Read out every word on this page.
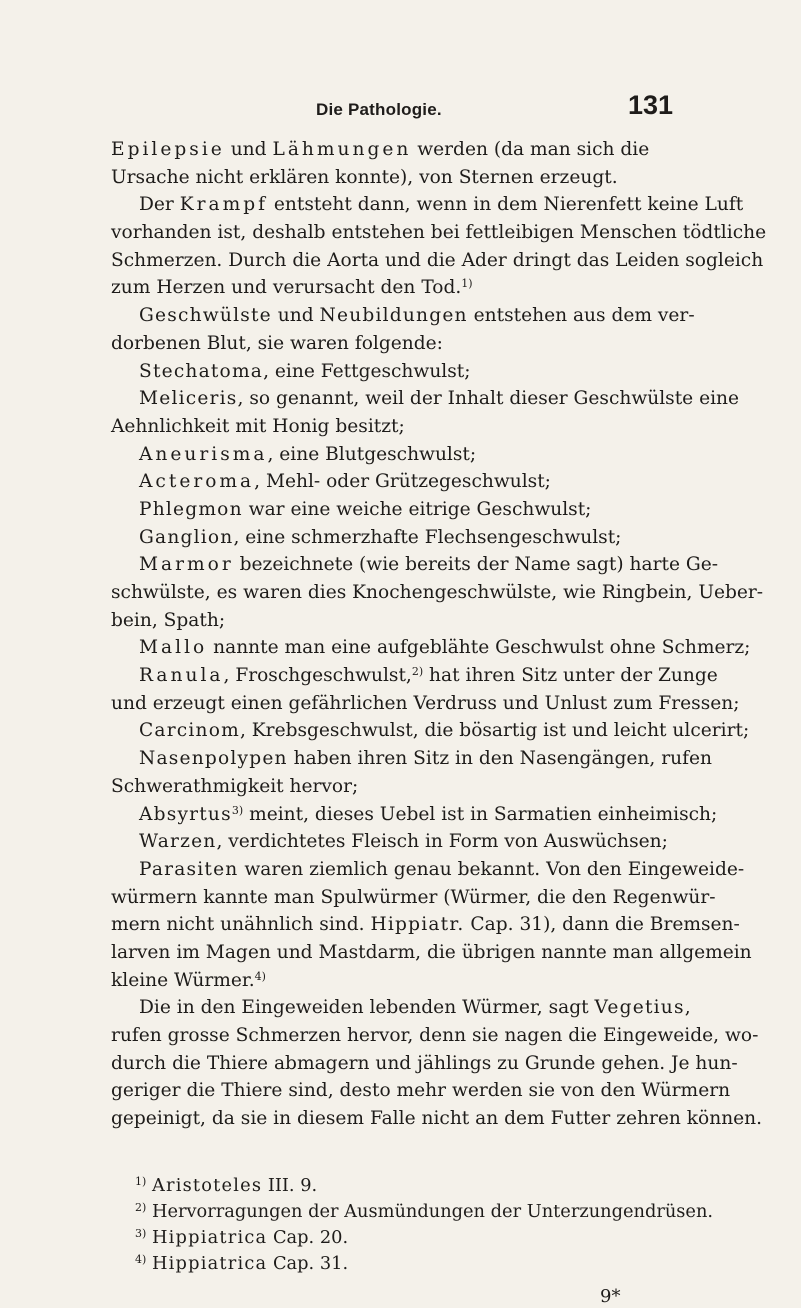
Die Pathologie.	131
Epilepsie und Lähmungen werden (da man sich die
Ursache nicht erklären konnte), von Sternen erzeugt.
Der Krampf entsteht dann, wenn in dem Nierenfett keine Luft
vorhanden ist, deshalb entstehen bei fettleibigen Menschen tödtliche
Schmerzen. Durch die Aorta und die Ader dringt das Leiden sogleich
zum Herzen und verursacht den Tod.$^{1)}$
Geschwülste und Neubildungen entstehen aus dem ver-
dorbenen Blut, sie waren folgende:
Stechatoma, eine Fettgeschwulst;
Meliceris, so genannt, weil der Inhalt dieser Geschwülste eine
Aehnlichkeit mit Honig besitzt;
Aneurisma, eine Blutgeschwulst;
Acteroma, Mehl- oder Grützegeschwulst;
Phlegmon war eine weiche eitrige Geschwulst;
Ganglion, eine schmerzhafte Flechsengeschwulst;
Marmor bezeichnete (wie bereits der Name sagt) harte Ge-
schwülste, es waren dies Knochengeschwülste, wie Ringbein, Ueber-
bein, Spath;
Mallo nannte man eine aufgeblähte Geschwulst ohne Schmerz;
Ranula, Froschgeschwulst,$^{2)}$ hat ihren Sitz unter der Zunge
und erzeugt einen gefährlichen Verdruss und Unlust zum Fressen;
Carcinom, Krebsgeschwulst, die bösartig ist und leicht ulcerirt;
Nasenpolypen haben ihren Sitz in den Nasengängen, rufen
Schwerathmigkeit hervor;
Absyrtus$^{3)}$ meint, dieses Uebel ist in Sarmatien einheimisch;
Warzen, verdichtetes Fleisch in Form von Auswüchsen;
Parasiten waren ziemlich genau bekannt. Von den Eingeweide-
würmern kannte man Spulwürmer (Würmer, die den Regenwür-
mern nicht unähnlich sind. Hippiatr. Cap. 31), dann die Bremsen-
larven im Magen und Mastdarm, die übrigen nannte man allgemein
kleine Würmer.$^{4)}$
Die in den Eingeweiden lebenden Würmer, sagt Vegetius,
rufen grosse Schmerzen hervor, denn sie nagen die Eingeweide, wo-
durch die Thiere abmagern und jählings zu Grunde gehen. Je hun-
geriger die Thiere sind, desto mehr werden sie von den Würmern
gepeinigt, da sie in diesem Falle nicht an dem Futter zehren können.
$^{1)}$ Aristoteles III. 9.
$^{2)}$ Hervorragungen der Ausmündungen der Unterzungendrüsen.
$^{3)}$ Hippiatrica Cap. 20.
$^{4)}$ Hippiatrica Cap. 31.
9*
